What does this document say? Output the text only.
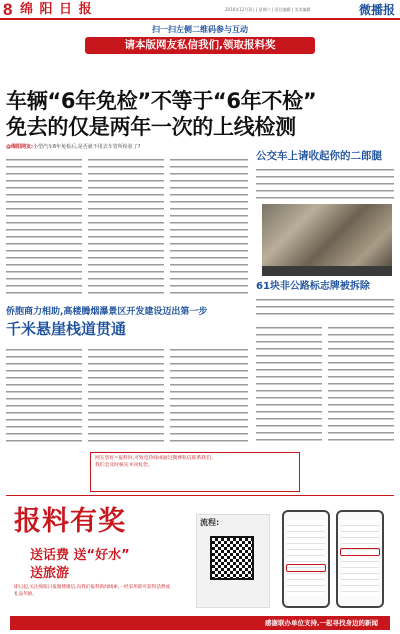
8 绵 阳 日 报	2016年12月3日 | 星期六 | 责任编辑 | 美术编辑	微播报
扫一扫左侧二维码参与互动
请本版网友私信我们,领取报料奖
车辆“6年免检”不等于“6年不检”
免去的仅是两年一次的上线检测
@绵阳网友:小型汽车6年免检后,是否就不用去车管所检验了?
公交车上请收起你的二郎腿
61块非公路标志牌被拆除
侨胞商力相助,高楼腾烟瀑景区开发建设迈出第一步
千米悬崖栈道贯通
网友您好~报料时,可致电热线或通过微博私信联系我们。
我们会及时核实并回复您。
报料有奖
送话费 送“好水”
送旅游
即日起,关注绵阳日报微博微信,向我们报料新闻线索,一经采用即可获得话费或礼品奖励。
流程:
感谢联办单位支持,一起寻找身边的新闻
